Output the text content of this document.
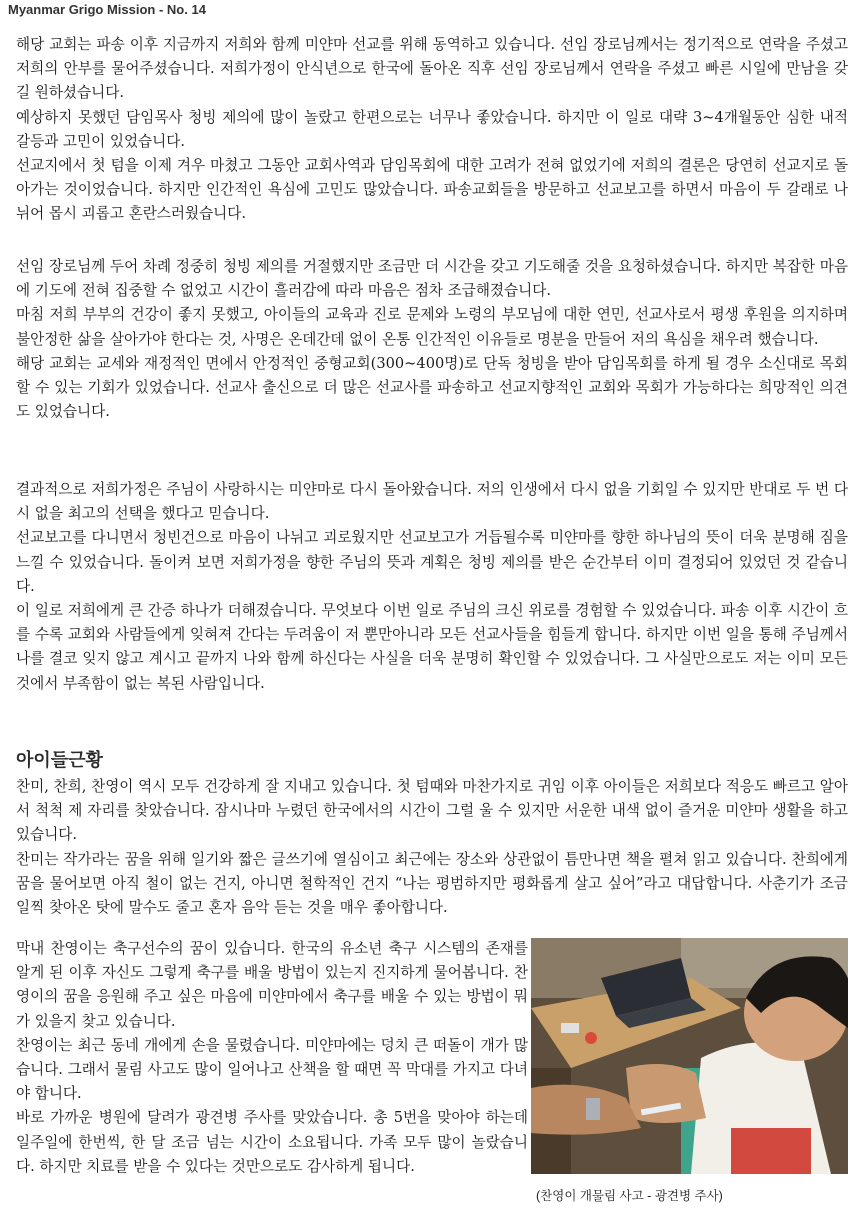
Myanmar Grigo Mission - No. 14

해당 교회는 파송 이후 지금까지 저희와 함께 미얀마 선교를 위해 동역하고 있습니다. 선임 장로님께서는 정기적으로 연락을 주셨고 저희의 안부를 물어주셨습니다. 저희가정이 안식년으로 한국에 돌아온 직후 선임 장로님께서 연락을 주셨고 빠른 시일에 만남을 갖길 원하셨습니다.

예상하지 못했던 담임목사 청빙 제의에 많이 놀랐고 한편으로는 너무나 좋았습니다. 하지만 이 일로 대략 3~4개월동안 심한 내적 갈등과 고민이 있었습니다.

선교지에서 첫 텀을 이제 겨우 마쳤고 그동안 교회사역과 담임목회에 대한 고려가 전혀 없었기에 저희의 결론은 당연히 선교지로 돌아가는 것이었습니다. 하지만 인간적인 욕심에 고민도 많았습니다. 파송교회들을 방문하고 선교보고를 하면서 마음이 두 갈래로 나뉘어 몹시 괴롭고 혼란스러웠습니다.

선임 장로님께 두어 차례 정중히 청빙 제의를 거절했지만 조금만 더 시간을 갖고 기도해줄 것을 요청하셨습니다. 하지만 복잡한 마음에 기도에 전혀 집중할 수 없었고 시간이 흘러감에 따라 마음은 점차 조급해졌습니다.

마침 저희 부부의 건강이 좋지 못했고, 아이들의 교육과 진로 문제와 노령의 부모님에 대한 연민, 선교사로서 평생 후원을 의지하며 불안정한 삶을 살아가야 한다는 것, 사명은 온데간데 없이 온통 인간적인 이유들로 명분을 만들어 저의 욕심을 채우려 했습니다.

해당 교회는 교세와 재정적인 면에서 안정적인 중형교회(300~400명)로 단독 청빙을 받아 담임목회를 하게 될 경우 소신대로 목회할 수 있는 기회가 있었습니다. 선교사 출신으로 더 많은 선교사를 파송하고 선교지향적인 교회와 목회가 가능하다는 희망적인 의견도 있었습니다.

결과적으로 저희가정은 주님이 사랑하시는 미얀마로 다시 돌아왔습니다. 저의 인생에서 다시 없을 기회일 수 있지만 반대로 두 번 다시 없을 최고의 선택을 했다고 믿습니다.

선교보고를 다니면서 청빈건으로 마음이 나뉘고 괴로웠지만 선교보고가 거듭될수록 미얀마를 향한 하나님의 뜻이 더욱 분명해 짐을 느낄 수 있었습니다. 돌이켜 보면 저희가정을 향한 주님의 뜻과 계획은 청빙 제의를 받은 순간부터 이미 결정되어 있었던 것 같습니다.

이 일로 저희에게 큰 간증 하나가 더해졌습니다. 무엇보다 이번 일로 주님의 크신 위로를 경험할 수 있었습니다. 파송 이후 시간이 흐를 수록 교회와 사람들에게 잊혀져 간다는 두려움이 저 뿐만아니라 모든 선교사들을 힘들게 합니다. 하지만 이번 일을 통해 주님께서 나를 결코 잊지 않고 계시고 끝까지 나와 함께 하신다는 사실을 더욱 분명히 확인할 수 있었습니다. 그 사실만으로도 저는 이미 모든 것에서 부족함이 없는 복된 사람입니다.

아이들근황

찬미, 찬희, 찬영이 역시 모두 건강하게 잘 지내고 있습니다. 첫 텀때와 마찬가지로 귀임 이후 아이들은 저희보다 적응도 빠르고 알아서 척척 제 자리를 찾았습니다. 잠시나마 누렸던 한국에서의 시간이 그럴 울 수 있지만 서운한 내색 없이 즐거운 미얀마 생활을 하고 있습니다.

찬미는 작가라는 꿈을 위해 일기와 짧은 글쓰기에 열심이고 최근에는 장소와 상관없이 틈만나면 책을 펼쳐 읽고 있습니다. 찬희에게 꿈을 물어보면 아직 철이 없는 건지, 아니면 철학적인 건지 “나는 평범하지만 평화롭게 살고 싶어”라고 대답합니다. 사춘기가 조금 일찍 찾아온 탓에 말수도 줄고 혼자 음악 듣는 것을 매우 좋아합니다.

막내 찬영이는 축구선수의 꿈이 있습니다. 한국의 유소년 축구 시스템의 존재를 알게 된 이후 자신도 그렇게 축구를 배울 방법이 있는지 진지하게 물어봅니다. 찬영이의 꿈을 응원해 주고 싶은 마음에 미얀마에서 축구를 배울 수 있는 방법이 뭐가 있을지 찾고 있습니다.

찬영이는 최근 동네 개에게 손을 물렸습니다. 미얀마에는 덩치 큰 떠돌이 개가 많습니다. 그래서 물림 사고도 많이 일어나고 산책을 할 때면 꼭 막대를 가지고 다녀야 합니다.

바로 가까운 병원에 달려가 광견병 주사를 맞았습니다. 총 5번을 맞아야 하는데 일주일에 한번씩, 한 달 조금 넘는 시간이 소요됩니다. 가족 모두 많이 놀랐습니다. 하지만 치료를 받을 수 있다는 것만으로도 감사하게 됩니다.

(찬영이 개물림 사고 - 광견병 주사)
